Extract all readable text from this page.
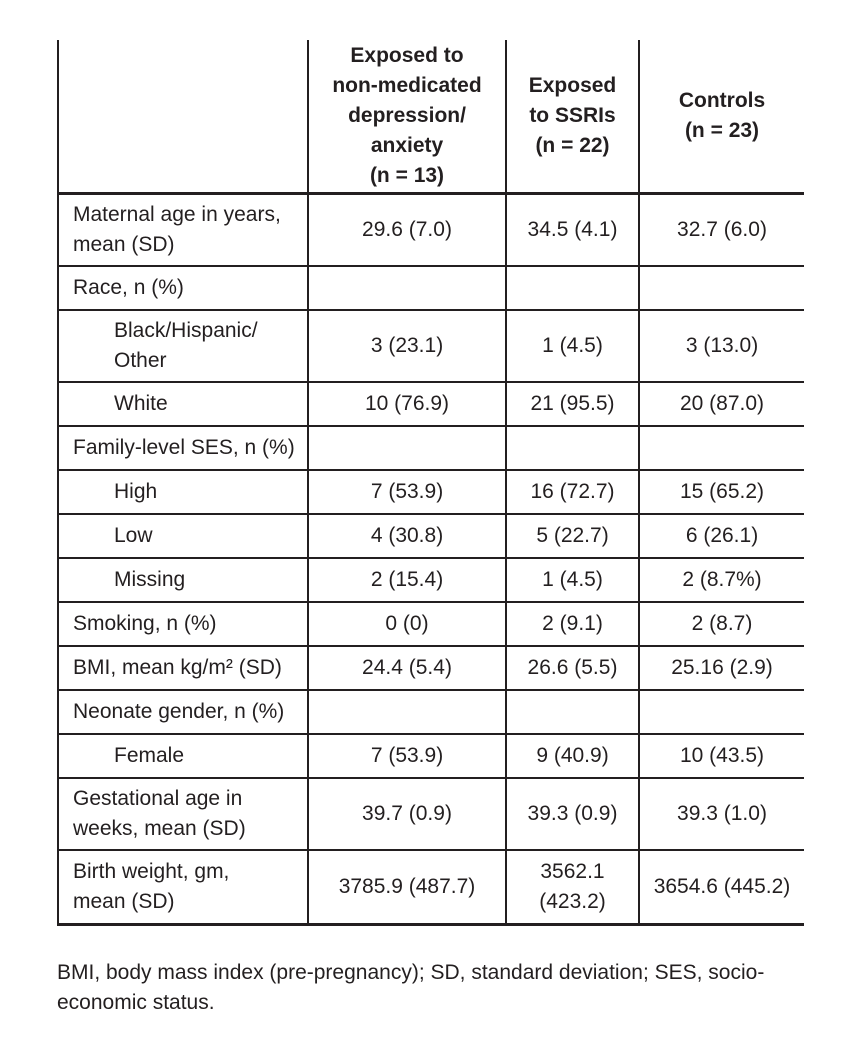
	Exposed to
non-medicated
depression/
anxiety
(n = 13)	Exposed
to SSRIs
(n = 22)	Controls
(n = 23)
Maternal age in years,
mean (SD)	29.6 (7.0)	34.5 (4.1)	32.7 (6.0)
Race, n (%)			
Black/Hispanic/
Other	3 (23.1)	1 (4.5)	3 (13.0)
White	10 (76.9)	21 (95.5)	20 (87.0)
Family-level SES, n (%)			
High	7 (53.9)	16 (72.7)	15 (65.2)
Low	4 (30.8)	5 (22.7)	6 (26.1)
Missing	2 (15.4)	1 (4.5)	2 (8.7%)
Smoking, n (%)	0 (0)	2 (9.1)	2 (8.7)
BMI, mean kg/m² (SD)	24.4 (5.4)	26.6 (5.5)	25.16 (2.9)
Neonate gender, n (%)			
Female	7 (53.9)	9 (40.9)	10 (43.5)
Gestational age in
weeks, mean (SD)	39.7 (0.9)	39.3 (0.9)	39.3 (1.0)
Birth weight, gm,
mean (SD)	3785.9 (487.7)	3562.1
(423.2)	3654.6 (445.2)
BMI, body mass index (pre-pregnancy); SD, standard deviation; SES, socio-economic status.
